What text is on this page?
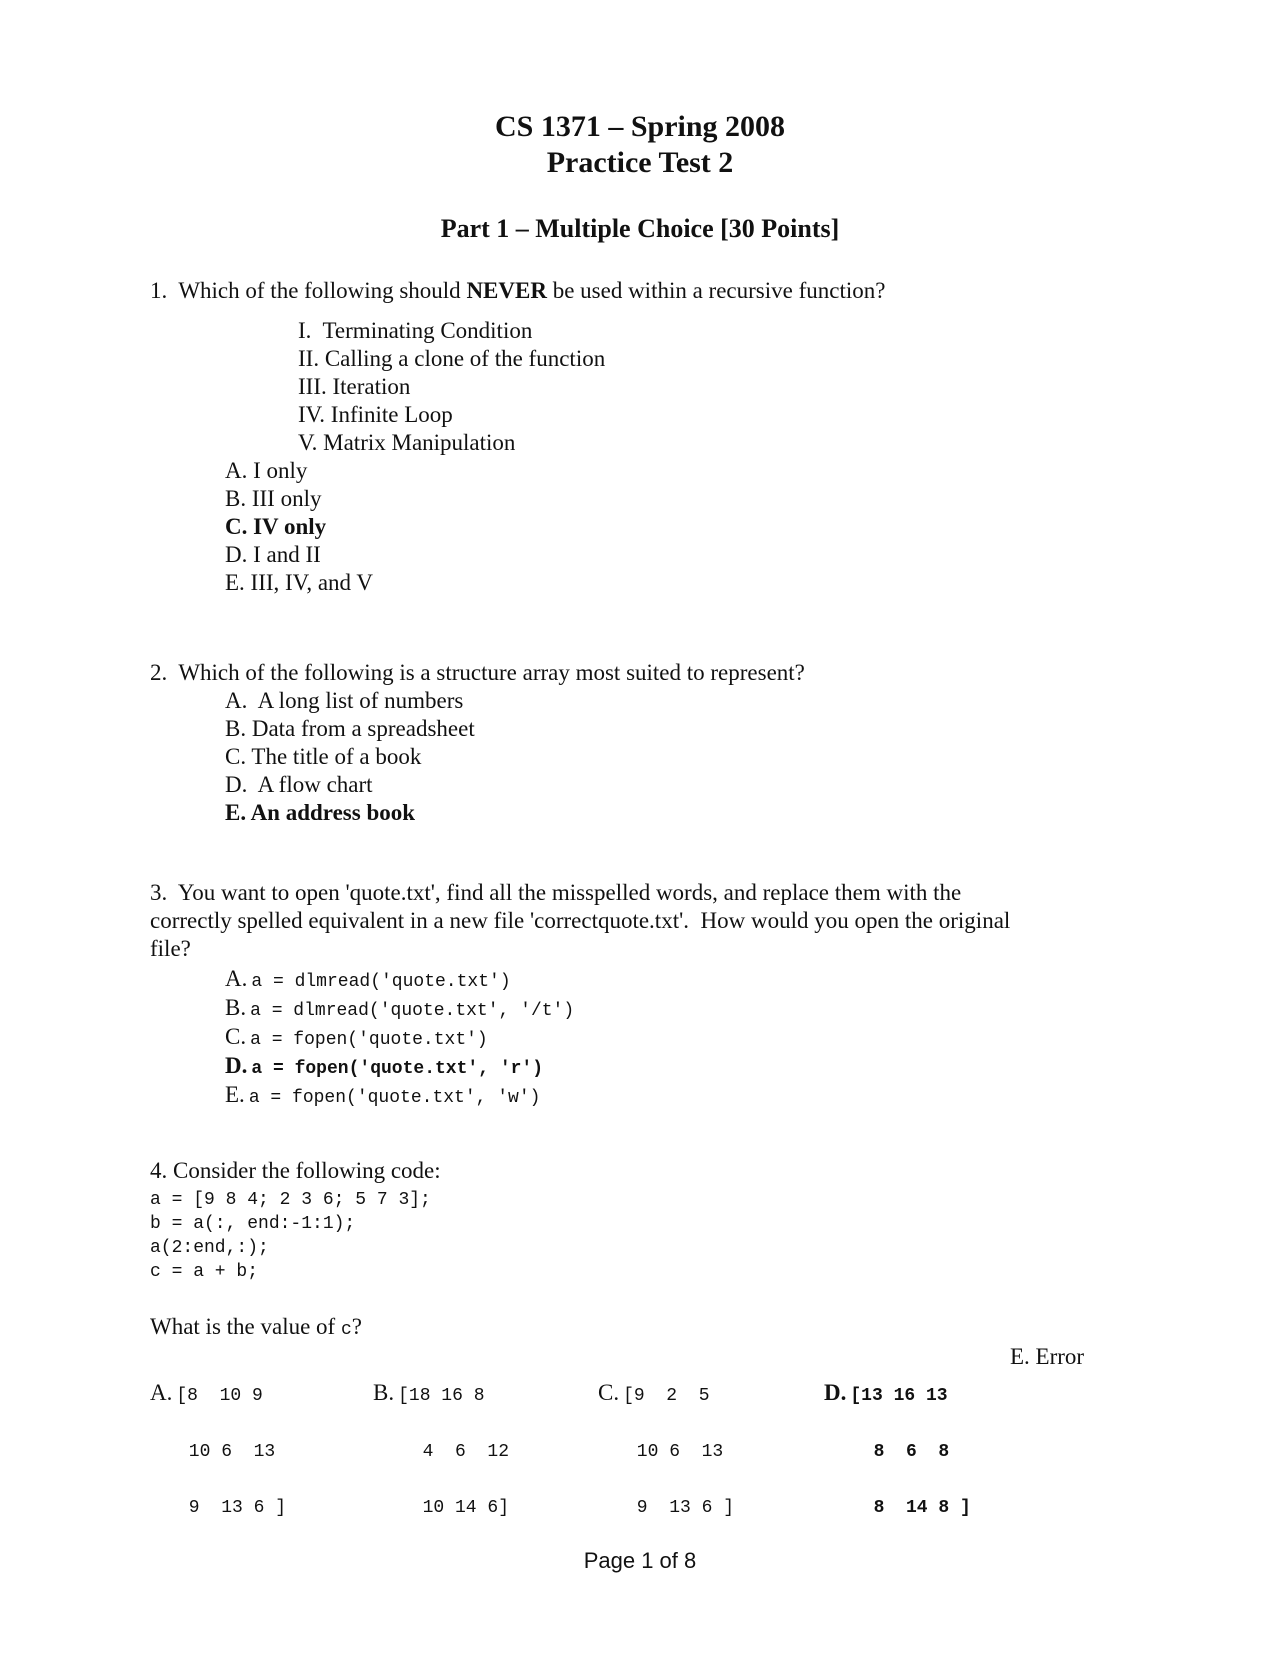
CS 1371 – Spring 2008
Practice Test 2
Part 1 – Multiple Choice [30 Points]
1.  Which of the following should NEVER be used within a recursive function?
I.  Terminating Condition
II. Calling a clone of the function
III. Iteration
IV. Infinite Loop
V. Matrix Manipulation
A. I only
B. III only
C. IV only
D. I and II
E. III, IV, and V
2.  Which of the following is a structure array most suited to represent?
A.  A long list of numbers
B. Data from a spreadsheet
C. The title of a book
D.  A flow chart
E. An address book
3.  You want to open 'quote.txt', find all the misspelled words, and replace them with the
correctly spelled equivalent in a new file 'correctquote.txt'.  How would you open the original
file?
A. a = dlmread('quote.txt')
B. a = dlmread('quote.txt', '/t')
C. a = fopen('quote.txt')
D. a = fopen('quote.txt', 'r')
E. a = fopen('quote.txt', 'w')
4. Consider the following code:
a = [9 8 4; 2 3 6; 5 7 3];
b = a(:, end:-1:1);
a(2:end,:);
c = a + b;
What is the value of c?

A. [8  10 9

10 6  13

9  13 6 ]

B. [18 16 8

4  6  12

10 14 6]

C. [9  2  5

10 6  13

9  13 6 ]

D. [13 16 13

8  6  8

8  14 8 ]

E. Error
Page 1 of 8
